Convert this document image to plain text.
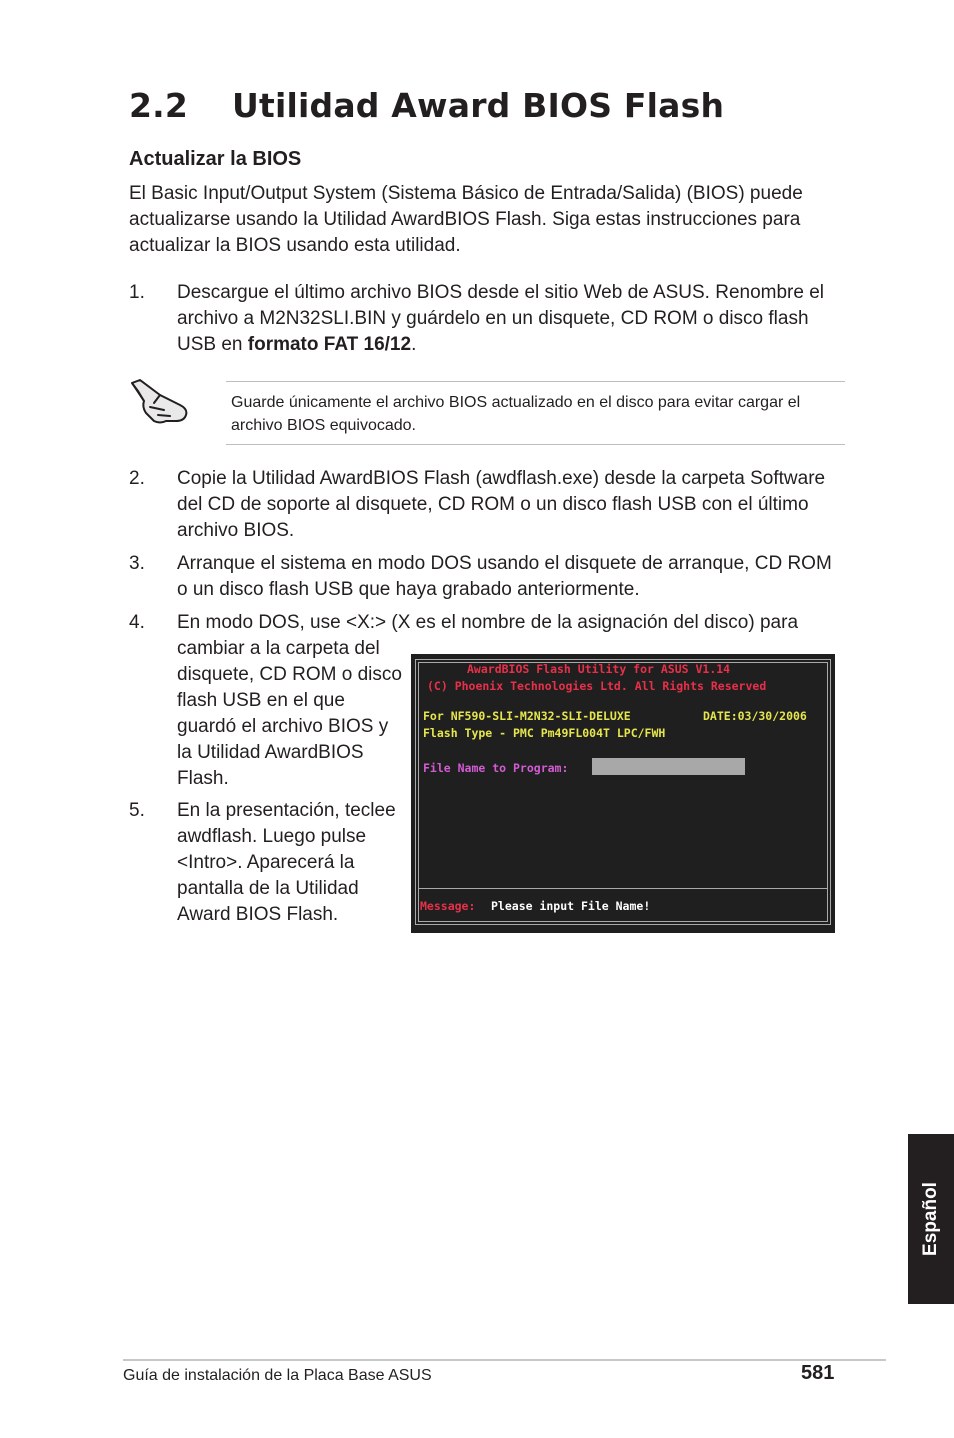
2.2 Utilidad Award BIOS Flash
Actualizar la BIOS
El Basic Input/Output System (Sistema Básico de Entrada/Salida) (BIOS) puede actualizarse usando la Utilidad AwardBIOS Flash. Siga estas instrucciones para actualizar la BIOS usando esta utilidad.
1. Descargue el último archivo BIOS desde el sitio Web de ASUS. Renombre el archivo a M2N32SLI.BIN y guárdelo en un disquete, CD ROM o disco flash USB en formato FAT 16/12.
Guarde únicamente el archivo BIOS actualizado en el disco para evitar cargar el archivo BIOS equivocado.
2. Copie la Utilidad AwardBIOS Flash (awdflash.exe) desde la carpeta Software del CD de soporte al disquete, CD ROM o un disco flash USB con el último archivo BIOS.
3. Arranque el sistema en modo DOS usando el disquete de arranque, CD ROM o un disco flash USB que haya grabado anteriormente.
4. En modo DOS, use <X:> (X es el nombre de la asignación del disco) para
cambiar a la carpeta del disquete, CD ROM o disco flash USB en el que guardó el archivo BIOS y la Utilidad AwardBIOS Flash.
5. En la presentación, teclee awdflash. Luego pulse <Intro>. Aparecerá la pantalla de la Utilidad Award BIOS Flash.
AwardBIOS Flash Utility for ASUS V1.14
(C) Phoenix Technologies Ltd. All Rights Reserved
For NF590-SLI-M2N32-SLI-DELUXE	DATE:03/30/2006
Flash Type - PMC Pm49FL004T LPC/FWH
File Name to Program:
Message: Please input File Name!
Español
Guía de instalación de la Placa Base ASUS	581
